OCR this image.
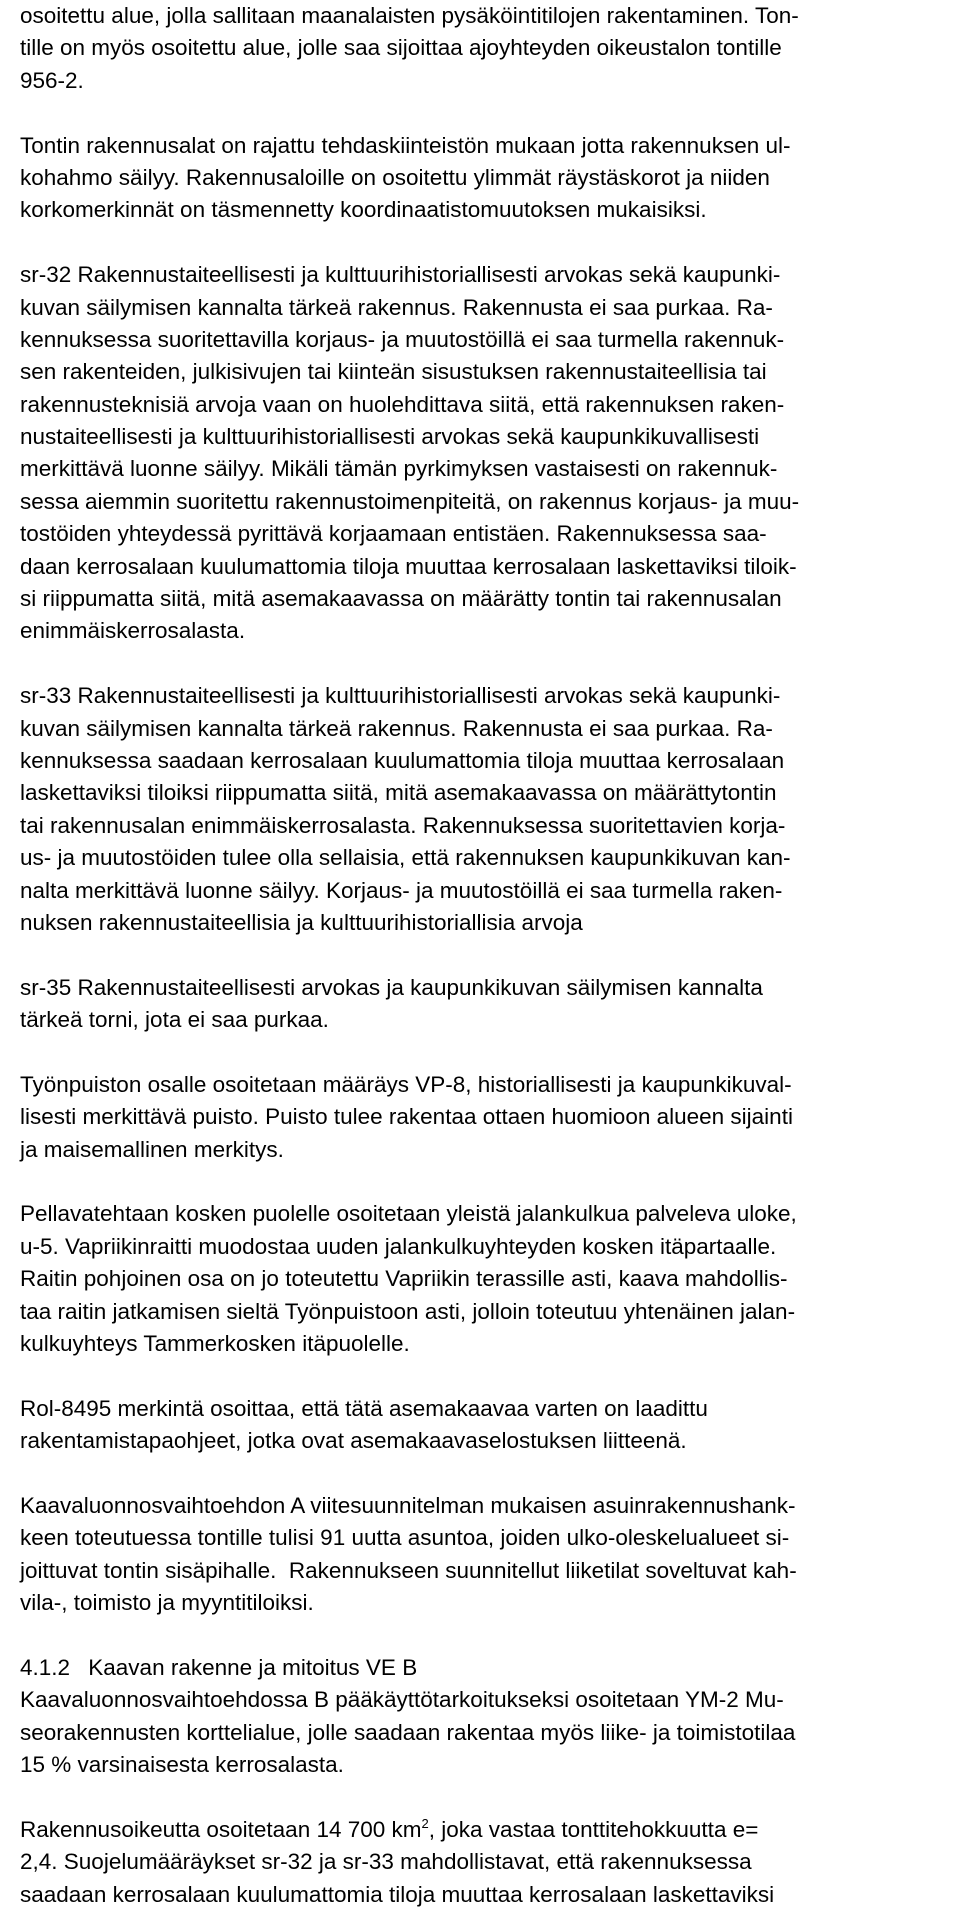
osoitettu alue, jolla sallitaan maanalaisten pysäköintitilojen rakentaminen. Ton-
tille on myös osoitettu alue, jolle saa sijoittaa ajoyhteyden oikeustalon tontille
956-2.
Tontin rakennusalat on rajattu tehdaskiinteistön mukaan jotta rakennuksen ul-
kohahmo säilyy. Rakennusaloille on osoitettu ylimmät räystäskorot ja niiden
korkomerkinnät on täsmennetty koordinaatistomuutoksen mukaisiksi.
sr-32 Rakennustaiteellisesti ja kulttuurihistoriallisesti arvokas sekä kaupunki-
kuvan säilymisen kannalta tärkeä rakennus. Rakennusta ei saa purkaa. Ra-
kennuksessa suoritettavilla korjaus- ja muutostöillä ei saa turmella rakennuk-
sen rakenteiden, julkisivujen tai kiinteän sisustuksen rakennustaiteellisia tai
rakennusteknisiä arvoja vaan on huolehdittava siitä, että rakennuksen raken-
nustaiteellisesti ja kulttuurihistoriallisesti arvokas sekä kaupunkikuvallisesti
merkittävä luonne säilyy. Mikäli tämän pyrkimyksen vastaisesti on rakennuk-
sessa aiemmin suoritettu rakennustoimenpiteitä, on rakennus korjaus- ja muu-
tostöiden yhteydessä pyrittävä korjaamaan entistäen. Rakennuksessa saa-
daan kerrosalaan kuulumattomia tiloja muuttaa kerrosalaan laskettaviksi tiloik-
si riippumatta siitä, mitä asemakaavassa on määrätty tontin tai rakennusalan
enimmäiskerrosalasta.
sr-33 Rakennustaiteellisesti ja kulttuurihistoriallisesti arvokas sekä kaupunki-
kuvan säilymisen kannalta tärkeä rakennus. Rakennusta ei saa purkaa. Ra-
kennuksessa saadaan kerrosalaan kuulumattomia tiloja muuttaa kerrosalaan
laskettaviksi tiloiksi riippumatta siitä, mitä asemakaavassa on määrättytontin
tai rakennusalan enimmäiskerrosalasta. Rakennuksessa suoritettavien korja-
us- ja muutostöiden tulee olla sellaisia, että rakennuksen kaupunkikuvan kan-
nalta merkittävä luonne säilyy. Korjaus- ja muutostöillä ei saa turmella raken-
nuksen rakennustaiteellisia ja kulttuurihistoriallisia arvoja
sr-35 Rakennustaiteellisesti arvokas ja kaupunkikuvan säilymisen kannalta
tärkeä torni, jota ei saa purkaa.
Työnpuiston osalle osoitetaan määräys VP-8, historiallisesti ja kaupunkikuval-
lisesti merkittävä puisto. Puisto tulee rakentaa ottaen huomioon alueen sijainti
ja maisemallinen merkitys.
Pellavatehtaan kosken puolelle osoitetaan yleistä jalankulkua palveleva uloke,
u-5. Vapriikinraitti muodostaa uuden jalankulkuyhteyden kosken itäpartaalle.
Raitin pohjoinen osa on jo toteutettu Vapriikin terassille asti, kaava mahdollis-
taa raitin jatkamisen sieltä Työnpuistoon asti, jolloin toteutuu yhtenäinen jalan-
kulkuyhteys Tammerkosken itäpuolelle.
Rol-8495 merkintä osoittaa, että tätä asemakaavaa varten on laadittu
rakentamistapaohjeet, jotka ovat asemakaavaselostuksen liitteenä.
Kaavaluonnosvaihtoehdon A viitesuunnitelman mukaisen asuinrakennushank-
keen toteutuessa tontille tulisi 91 uutta asuntoa, joiden ulko-oleskelualueet si-
joittuvat tontin sisäpihalle.  Rakennukseen suunnitellut liiketilat soveltuvat kah-
vila-, toimisto ja myyntitiloiksi.
4.1.2 Kaavan rakenne ja mitoitus VE B
Kaavaluonnosvaihtoehdossa B pääkäyttötarkoitukseksi osoitetaan YM-2 Mu-
seorakennusten korttelialue, jolle saadaan rakentaa myös liike- ja toimistotilaa
15 % varsinaisesta kerrosalasta.
Rakennusoikeutta osoitetaan 14 700 $km^2$, joka vastaa tonttitehokkuutta e=
2,4. Suojelumääräykset sr-32 ja sr-33 mahdollistavat, että rakennuksessa
saadaan kerrosalaan kuulumattomia tiloja muuttaa kerrosalaan laskettaviksi
